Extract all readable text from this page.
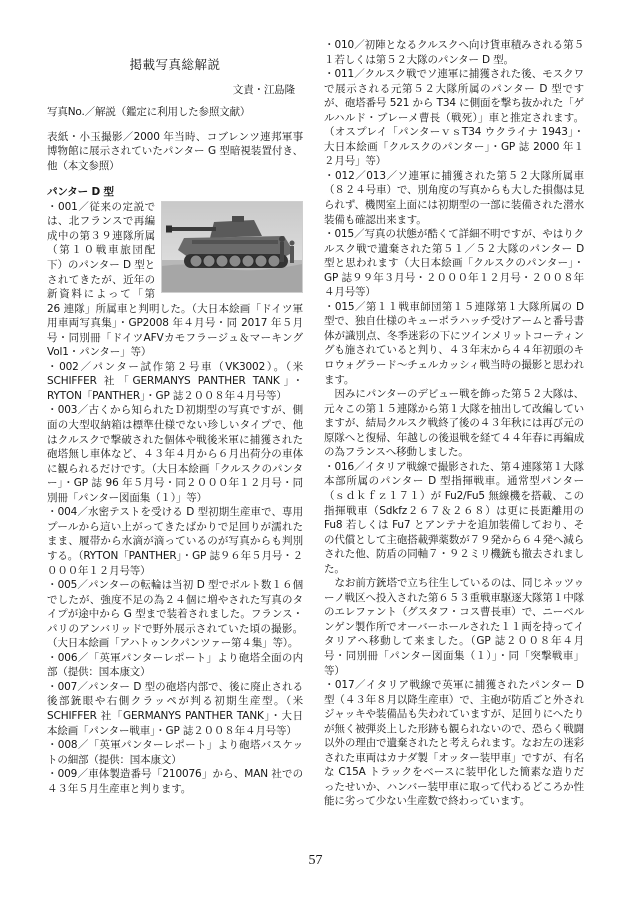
掲載写真総解説
文責・江島隆

写真No.／解説（鑑定に利用した参照文献）

表紙・小玉撮影／2000 年当時、コブレンツ連邦軍事博物館に展示されていたパンター G 型暗視装置付き、他（本文参照）

パンター D 型

・001／従来の定説では、北フランスで再編成中の第３９連隊所属（第１０戦車旅団配下）のパンター D 型とされてきたが、近年の新資料によって「第 26 連隊」所属車と判明した。（大日本絵画「ドイツ軍用車両写真集」・GP2008 年４月号・同 2017 年５月号・同別冊「ドイツAFVカモフラージュ＆マーキングVol1・パンター」等）

・002／パンター試作第２号車（VK3002）。（米 SCHIFFER 社「GERMANYS PANTHER TANK」・RYTON「PANTHER」・GP 誌２００８年４月号等）

・003／古くから知られたＤ初期型の写真ですが、側面の大型収納箱は標準仕様でない珍しいタイプで、他はクルスクで撃破された個体や戦後米軍に捕獲された砲塔無し車体など、４３年４月から６月出荷分の車体に観られるだけです。（大日本絵画「クルスクのパンター」・GP 誌 96 年５月号・同２０００年１２月号・同別冊「パンター図面集（１）」等）

・004／水密テストを受ける D 型初期生産車で、専用プールから這い上がってきたばかりで足回りが濡れたまま、履帯から水滴が滴っているのが写真からも判別する。（RYTON「PANTHER」・GP 誌９６年５月号・２０００年１２月号等）

・005／パンターの転輪は当初 D 型でボルト数１６個でしたが、強度不足の為２４個に増やされた写真のタイプが途中から G 型まで装着されました。フランス・パリのアンバリッドで野外展示されていた頃の撮影。（大日本絵画「アハトゥンクパンツァー第４集」等）。

・006／「英軍パンターレポート」より砲塔全面の内部（提供：国本康文）

・007／パンター D 型の砲塔内部で、後に廃止される後部銃眼や右側クラッペが判る初期生産型。（米 SCHIFFER 社「GERMANYS PANTHER TANK」・大日本絵画「パンター戦車」・GP 誌２００８年４月号等）

・008／「英軍パンターレポート」より砲塔バスケットの細部（提供：国本康文）

・009／車体製造番号「210076」から、MAN 社での４３年５月生産車と判ります。

・010／初陣となるクルスクへ向け貨車積みされる第５１若しくは第５２大隊のパンター D 型。

・011／クルスク戦でソ連軍に捕獲された後、モスクワで展示される元第５２大隊所属のパンター D 型ですが、砲塔番号 521 から T34 に側面を撃ち抜かれた「ゲルハルド・ブレーメ曹長（戦死）」車と推定されます。（オスプレイ「パンターｖｓT34 ウクライナ 1943」・大日本絵画「クルスクのパンター」・GP 誌 2000 年１２月号」等）

・012／013／ソ連軍に捕獲された第５２大隊所属車（８２４号車）で、別角度の写真からも大した損傷は見られず、機関室上面には初期型の一部に装備された潜水装備も確認出来ます。

・015／写真の状態が酷くて詳細不明ですが、やはりクルスク戦で遺棄された第５１／５２大隊のパンター D 型と思われます（大日本絵画「クルスクのパンター」・GP 誌９９年３月号・２０００年１２月号・２００８年４月号等）

・015／第１１戦車師団第１５連隊第１大隊所属の D 型で、独自仕様のキューポラハッチ受けアームと番号書体が識別点、冬季迷彩の下にツインメリットコーティングも施されていると判り、４３年末から４４年初頭のキロウォグラード～チェルカッシィ戦当時の撮影と思われます。

因みにパンターのデビュー戦を飾った第５２大隊は、元々この第１５連隊から第１大隊を抽出して改編していますが、結局クルスク戦終了後の４３年秋には再び元の原隊へと復帰、年越しの後退戦を経て４４年春に再編成の為フランスへ移動しました。

・016／イタリア戦線で撮影された、第４連隊第１大隊本部所属のパンター D 型指揮戦車。通常型パンター（ｓｄｋｆｚ１７１）が Fu2/Fu5 無線機を搭載、この指揮戦車（Sdkfz２６７＆２６８）は更に長距離用の Fu8 若しくは Fu7 とアンテナを追加装備しており、その代償として主砲搭載弾薬数が７９発から６４発へ減らされた他、防盾の同軸７・９２ミリ機銃も撤去されました。

なお前方銃塔で立ち往生しているのは、同じネッツゥーノ戦区へ投入された第６５３重戦車駆逐大隊第１中隊のエレファント（グスタフ・コス曹長車）で、ニーベルンゲン製作所でオーバーホールされた１１両を持ってイタリアへ移動して来ました。（GP 誌２００８年４月号・同別冊「パンター図面集（１）」・同「突撃戦車」等）

・017／イタリア戦線で英軍に捕獲されたパンター D 型（４３年８月以降生産車）で、主砲が防盾ごと外されジャッキや装備品も失われていますが、足回りにへたりが無く被弾炎上した形跡も観られないので、恐らく戦闘以外の理由で遺棄されたと考えられます。なお左の迷彩された車両はカナダ製「オッター装甲車」ですが、有名な C15A トラックをベースに装甲化した簡素な造りだったせいか、ハンバー装甲車に取って代わるどころか性能に劣って少ない生産数で終わっています。

57
